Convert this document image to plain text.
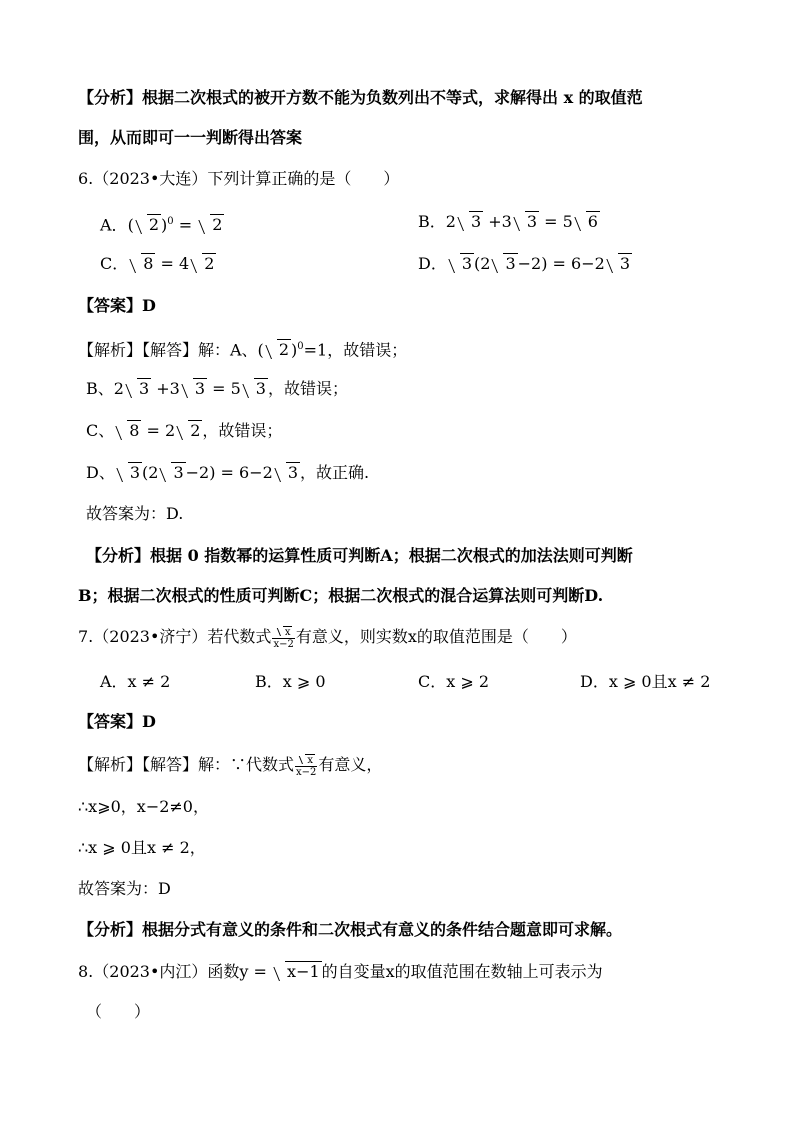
【分析】根据二次根式的被开方数不能为负数列出不等式，求解得出 x 的取值范
围，从而即可一一判断得出答案
6.（2023•大连）下列计算正确的是（　　）
A．( 2 )$^0$ = 2	B．2 3 +3 3 = 5 6
C． 8 = 4 2	D． 3 (2 3 −2) = 6−2 3
【答案】D
【解析】【解答】解：A、( 2 )$^0$=1，故错误；
B、2 3 +3 3 = 5 3 ，故错误；
C、 8 = 2 2 ，故错误；
D、 3 (2 3 −2) = 6−2 3 ，故正确.
故答案为：D.
【分析】根据 0 指数幂的运算性质可判断A；根据二次根式的加法法则可判断
B；根据二次根式的性质可判断C；根据二次根式的混合运算法则可判断D.
7.（2023•济宁）若代数式 $\frac{x}{x-2}$ 有意义，则实数x的取值范围是（　　）
A．x ≠ 2	B．x ⩾ 0	C．x ⩾ 2	D．x ⩾ 0且x ≠ 2
【答案】D
【解析】【解答】解：∵代数式 $\frac{x}{x-2}$ 有意义，
∴x⩾0，x−2≠0，
∴x ⩾ 0且x ≠ 2，
故答案为：D
【分析】根据分式有意义的条件和二次根式有意义的条件结合题意即可求解。
8.（2023•内江）函数y = x−1 的自变量x的取值范围在数轴上可表示为
（　　）
